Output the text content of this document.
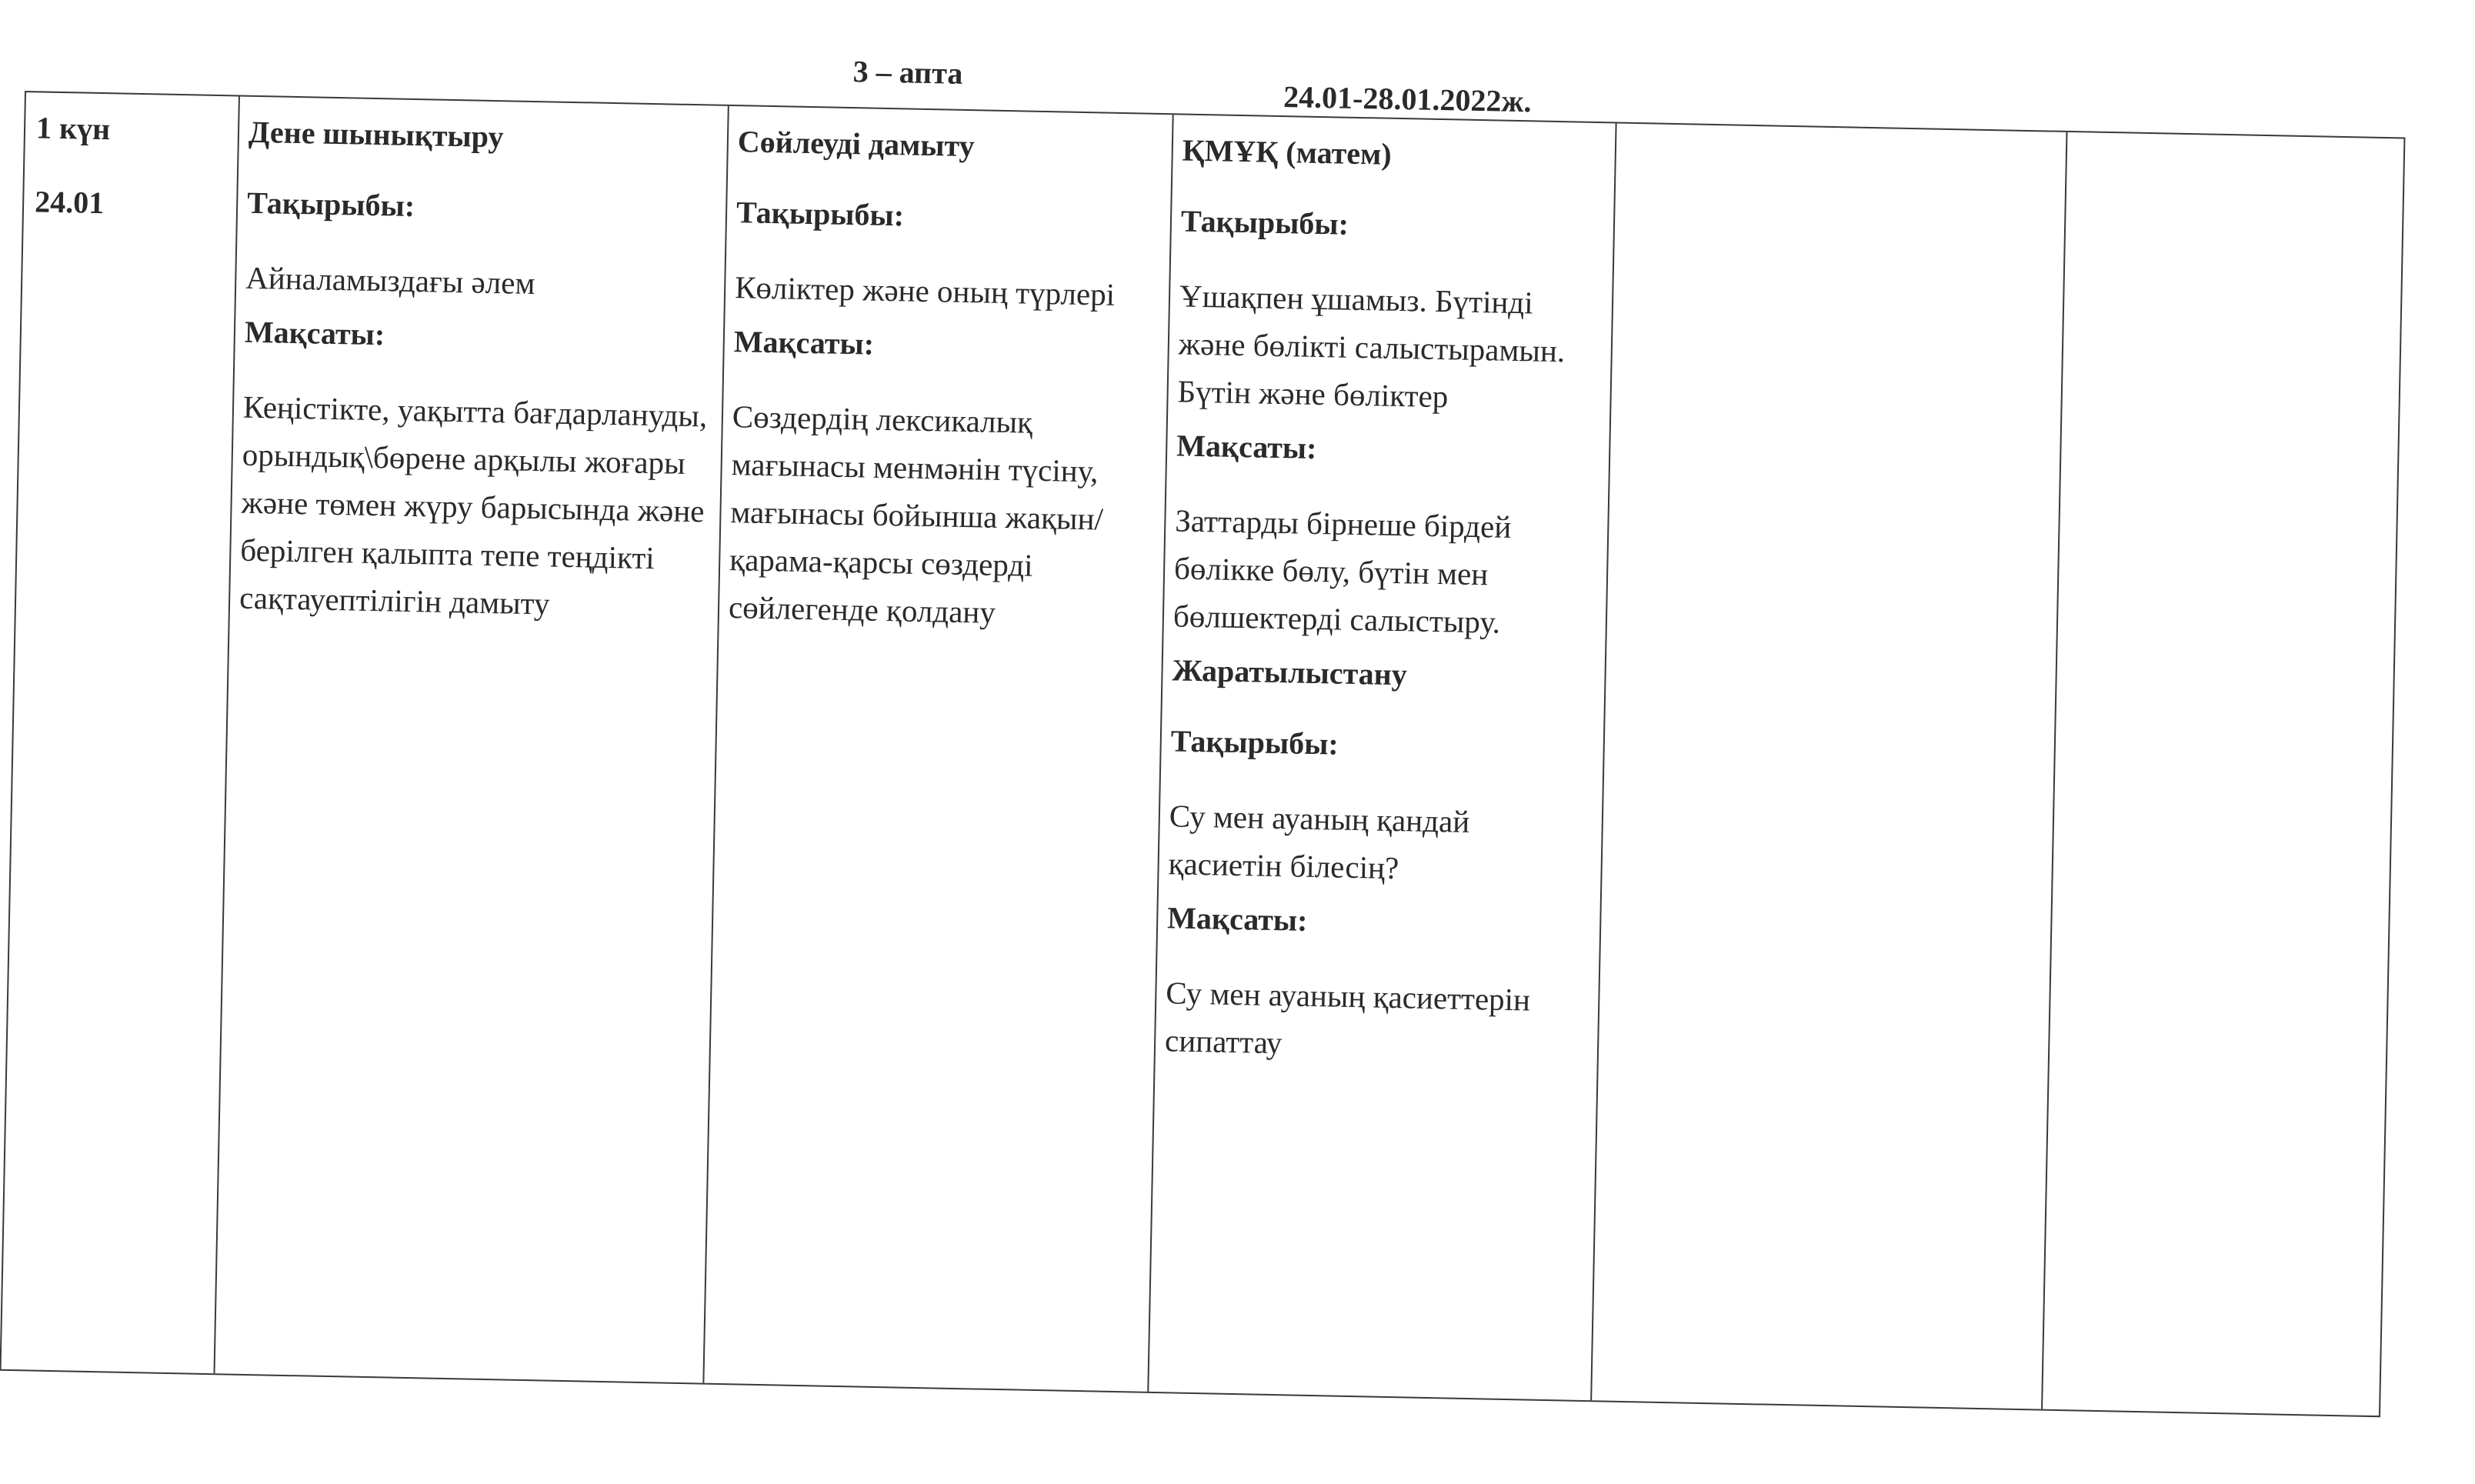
3 – апта
24.01-28.01.2022ж.

1 күн

24.01

Дене шынықтыру

Тақырыбы:

Айналамыздағы әлем

Мақсаты:

Кеңістікте, уақытта бағдарлануды, орындық\бөрене арқылы жоғары және төмен жүру барысында және берілген қалыпта тепе теңдікті сақтауептілігін дамыту

Сөйлеуді дамыту

Тақырыбы:

Көліктер және оның түрлері

Мақсаты:

Сөздердің лексикалық мағынасы менмәнін түсіну, мағынасы бойынша жақын/қарама-қарсы сөздерді сөйлегенде қолдану

ҚМҰҚ (матем)

Тақырыбы:

Ұшақпен ұшамыз. Бүтінді және бөлікті салыстырамын. Бүтін және бөліктер

Мақсаты:

Заттарды бірнеше бірдей бөлікке бөлу, бүтін мен бөлшектерді салыстыру.

Жаратылыстану

Тақырыбы:

Су мен ауаның қандай қасиетін білесің?

Мақсаты:

Су мен ауаның қасиеттерін сипаттау
